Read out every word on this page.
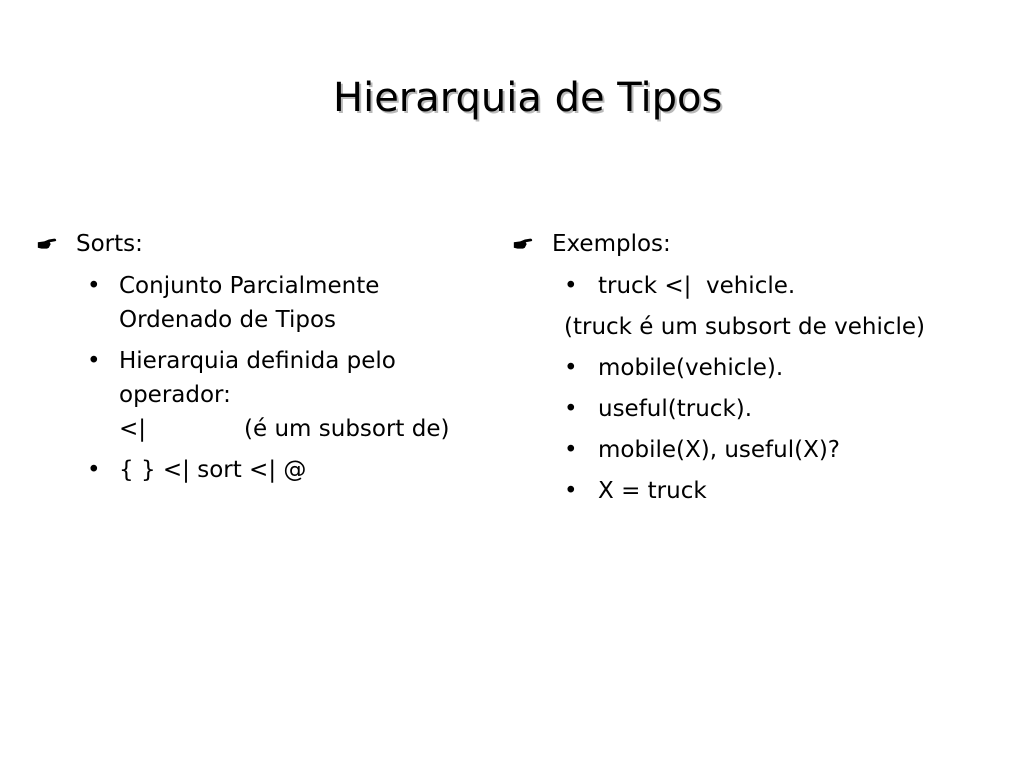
Hierarquia de Tipos
Sorts:
• Conjunto Parcialmente
Ordenado de Tipos
• Hierarquia definida pelo
operador:
<|	(é um subsort de)
• { } <| sort <| @
Exemplos:
• truck <|  vehicle.
(truck é um subsort de vehicle)
• mobile(vehicle).
• useful(truck).
• mobile(X), useful(X)?
• X = truck
